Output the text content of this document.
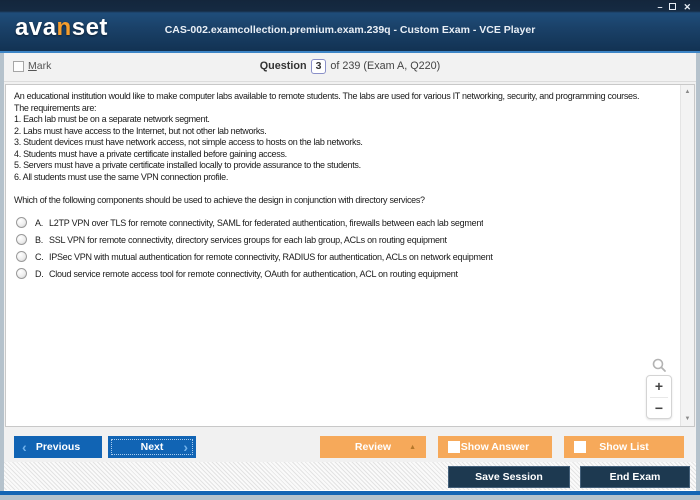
avanset	CAS-002.examcollection.premium.exam.239q - Custom Exam - VCE Player
– ✕
Mark	Question 3 of 239 (Exam A, Q220)
An educational institution would like to make computer labs available to remote students. The labs are used for various IT networking, security, and programming courses.
The requirements are:
1. Each lab must be on a separate network segment.
2. Labs must have access to the Internet, but not other lab networks.
3. Student devices must have network access, not simple access to hosts on the lab networks.
4. Students must have a private certificate installed before gaining access.
5. Servers must have a private certificate installed locally to provide assurance to the students.
6. All students must use the same VPN connection profile.
Which of the following components should be used to achieve the design in conjunction with directory services?
A. L2TP VPN over TLS for remote connectivity, SAML for federated authentication, firewalls between each lab segment
B. SSL VPN for remote connectivity, directory services groups for each lab group, ACLs on routing equipment
C. IPSec VPN with mutual authentication for remote connectivity, RADIUS for authentication, ACLs on network equipment
D. Cloud service remote access tool for remote connectivity, OAuth for authentication, ACL on routing equipment
▲
▼
+
−
‹ Previous	Next ›	Review	▲	Show Answer	Show List
Save Session	End Exam
